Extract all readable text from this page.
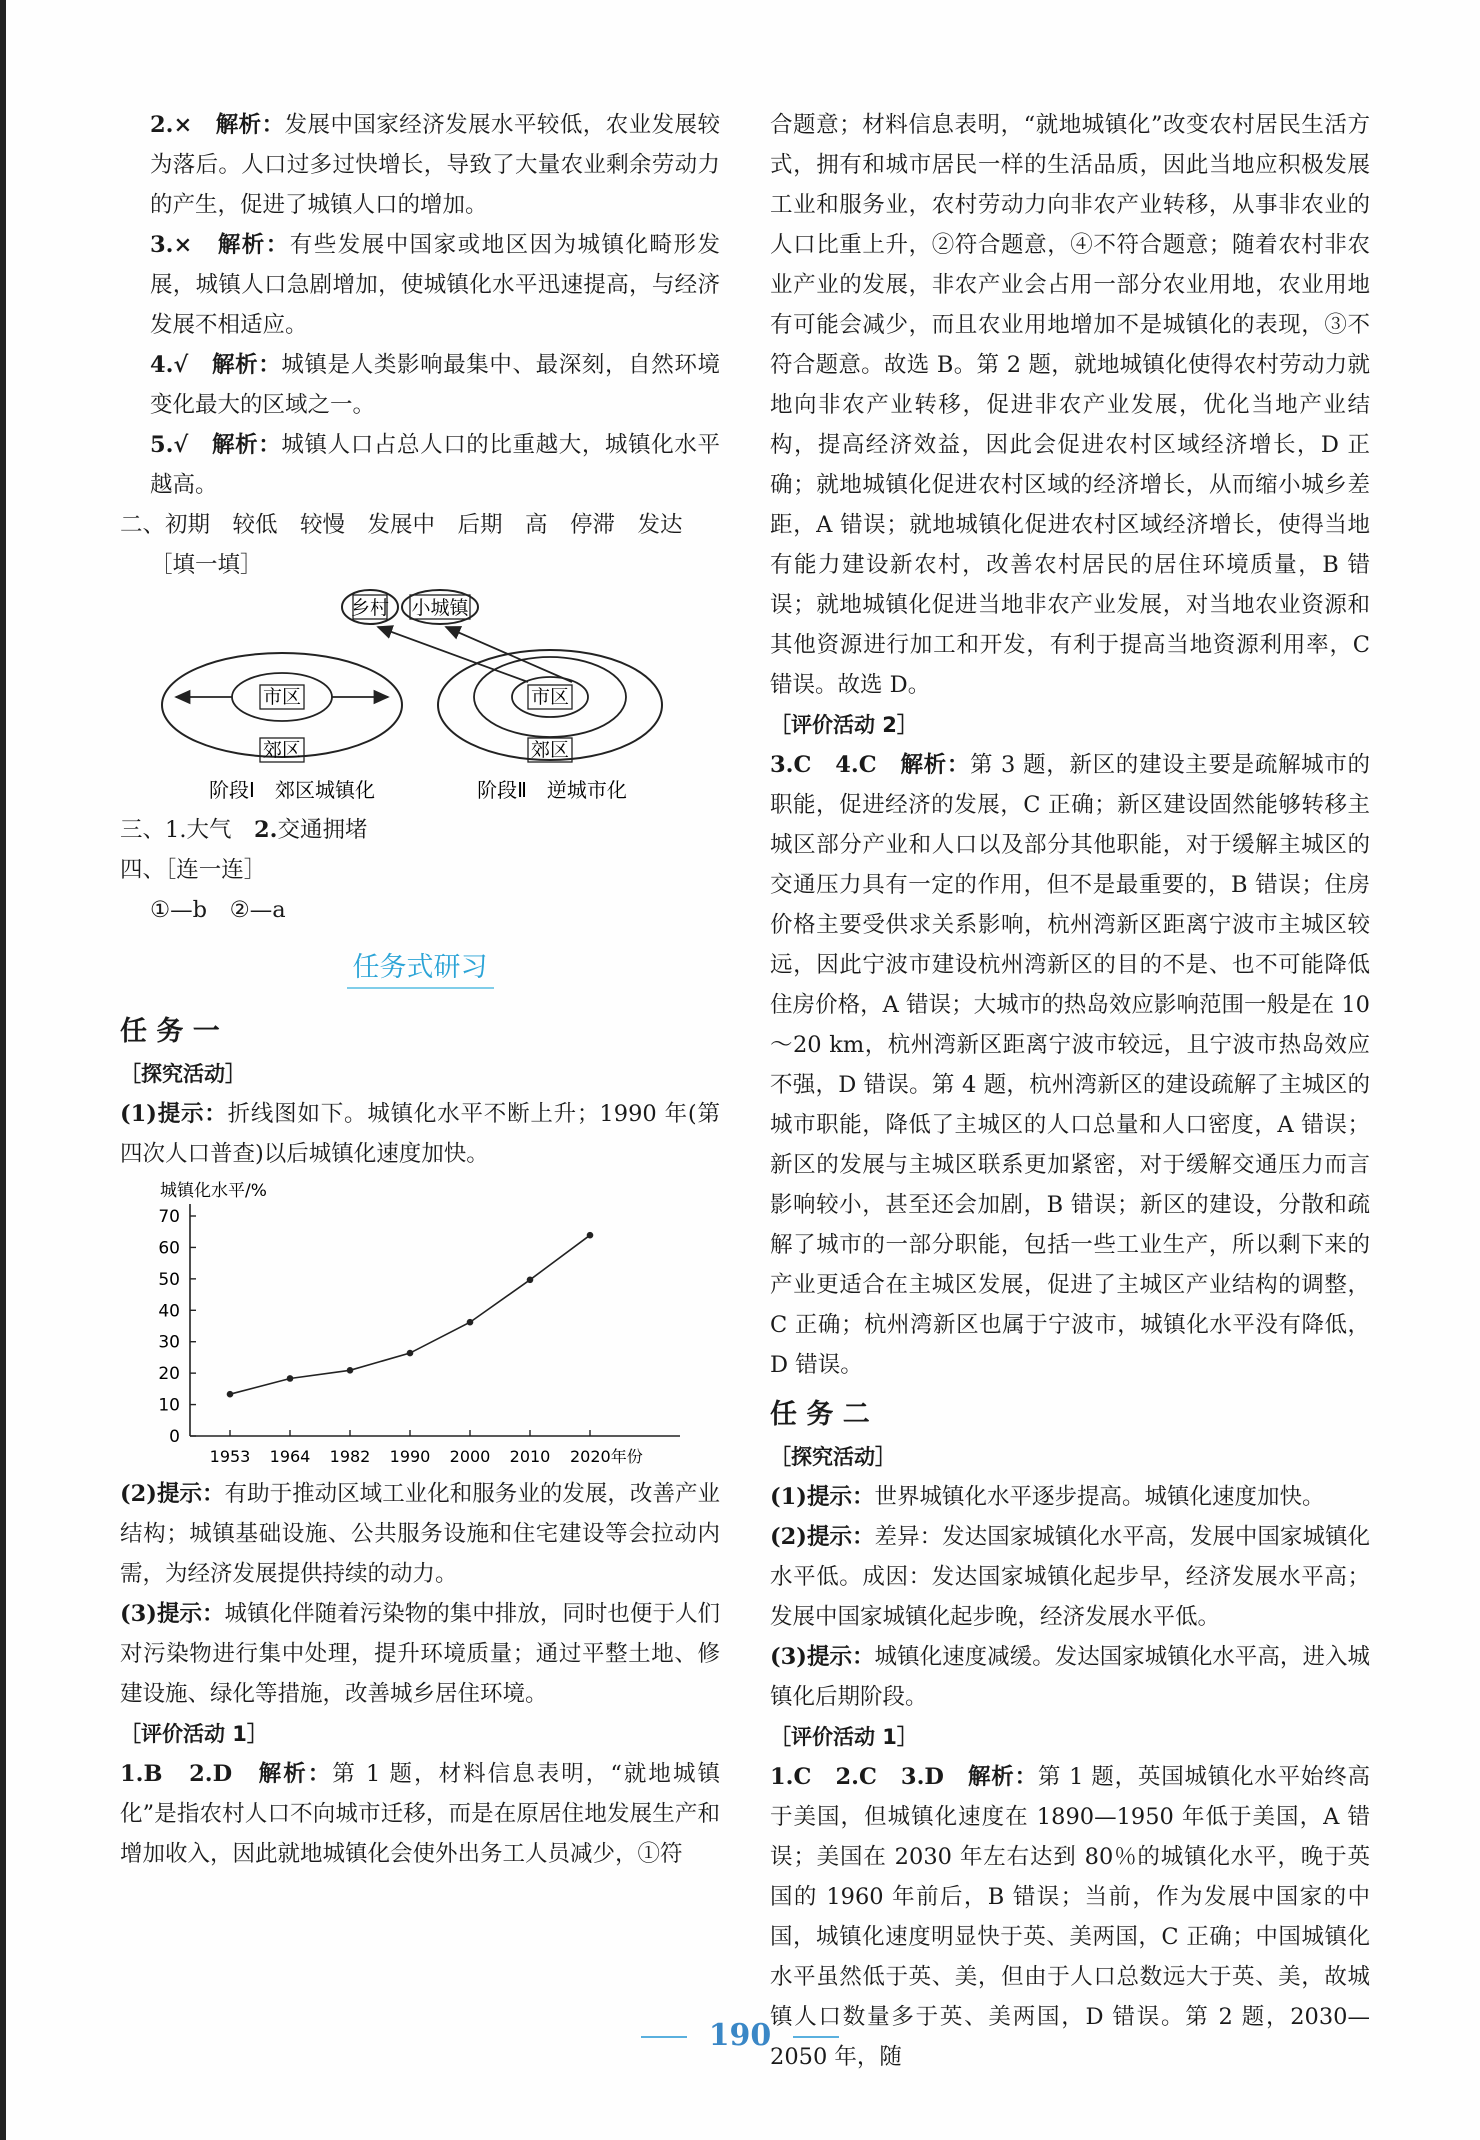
2.×　 解析：发展中国家经济发展水平较低，农业发展较为落后。人口过多过快增长，导致了大量农业剩余劳动力的产生，促进了城镇人口的增加。

3.×　 解析：有些发展中国家或地区因为城镇化畸形发展，城镇人口急剧增加，使城镇化水平迅速提高，与经济发展不相适应。

4.√　 解析：城镇是人类影响最集中、最深刻，自然环境变化最大的区域之一。

5.√　 解析：城镇人口占总人口的比重越大，城镇化水平越高。

二、初期　较低　较慢　发展中　后期　高　停滞　发达

［填一填］

乡村 小城镇
市区
郊区
市区
郊区
阶段Ⅰ　郊区城镇化	阶段Ⅱ　逆城市化

三、1.大气　2.交通拥堵

四、［连一连］

①—b　②—a

任务式研习
任 务 一

［探究活动］

(1)提示：折线图如下。城镇化水平不断上升；1990 年(第四次人口普查)以后城镇化速度加快。

城镇化水平/%
0
10
20
30
40
50
60
70
1953 1964 1982 1990 2000 2010 2020年份

(2)提示：有助于推动区域工业化和服务业的发展，改善产业结构；城镇基础设施、公共服务设施和住宅建设等会拉动内需，为经济发展提供持续的动力。

(3)提示：城镇化伴随着污染物的集中排放，同时也便于人们对污染物进行集中处理，提升环境质量；通过平整土地、修建设施、绿化等措施，改善城乡居住环境。

［评价活动 1］

1.B　2.D　解析：第 1 题，材料信息表明，“就地城镇化”是指农村人口不向城市迁移，而是在原居住地发展生产和增加收入，因此就地城镇化会使外出务工人员减少，①符

合题意；材料信息表明，“就地城镇化”改变农村居民生活方式，拥有和城市居民一样的生活品质，因此当地应积极发展工业和服务业，农村劳动力向非农产业转移，从事非农业的人口比重上升，②符合题意，④不符合题意；随着农村非农业产业的发展，非农产业会占用一部分农业用地，农业用地有可能会减少，而且农业用地增加不是城镇化的表现，③不符合题意。故选 B。第 2 题，就地城镇化使得农村劳动力就地向非农产业转移，促进非农产业发展，优化当地产业结构，提高经济效益，因此会促进农村区域经济增长，D 正确；就地城镇化促进农村区域的经济增长，从而缩小城乡差距，A 错误；就地城镇化促进农村区域经济增长，使得当地有能力建设新农村，改善农村居民的居住环境质量，B 错误；就地城镇化促进当地非农产业发展，对当地农业资源和其他资源进行加工和开发，有利于提高当地资源利用率，C 错误。故选 D。

［评价活动 2］

3.C　4.C　解析：第 3 题，新区的建设主要是疏解城市的职能，促进经济的发展，C 正确；新区建设固然能够转移主城区部分产业和人口以及部分其他职能，对于缓解主城区的交通压力具有一定的作用，但不是最重要的，B 错误；住房价格主要受供求关系影响，杭州湾新区距离宁波市主城区较远，因此宁波市建设杭州湾新区的目的不是、也不可能降低住房价格，A 错误；大城市的热岛效应影响范围一般是在 10～20 km，杭州湾新区距离宁波市较远，且宁波市热岛效应不强，D 错误。第 4 题，杭州湾新区的建设疏解了主城区的城市职能，降低了主城区的人口总量和人口密度，A 错误；新区的发展与主城区联系更加紧密，对于缓解交通压力而言影响较小，甚至还会加剧，B 错误；新区的建设，分散和疏解了城市的一部分职能，包括一些工业生产，所以剩下来的产业更适合在主城区发展，促进了主城区产业结构的调整，C 正确；杭州湾新区也属于宁波市，城镇化水平没有降低，D 错误。

任 务 二

［探究活动］

(1)提示：世界城镇化水平逐步提高。城镇化速度加快。

(2)提示：差异：发达国家城镇化水平高，发展中国家城镇化水平低。成因：发达国家城镇化起步早，经济发展水平高；发展中国家城镇化起步晚，经济发展水平低。

(3)提示：城镇化速度减缓。发达国家城镇化水平高，进入城镇化后期阶段。

［评价活动 1］

1.C　2.C　3.D　解析：第 1 题，英国城镇化水平始终高于美国，但城镇化速度在 1890—1950 年低于美国，A 错误；美国在 2030 年左右达到 80％的城镇化水平，晚于英国的 1960 年前后，B 错误；当前，作为发展中国家的中国，城镇化速度明显快于英、美两国，C 正确；中国城镇化水平虽然低于英、美，但由于人口总数远大于英、美，故城镇人口数量多于英、美两国，D 错误。第 2 题，2030—2050 年，随

190
